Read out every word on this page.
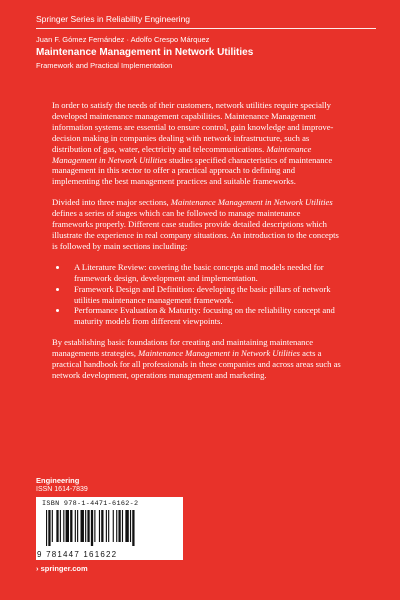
Springer Series in Reliability Engineering

Juan F. Gómez Fernández · Adolfo Crespo Márquez

Maintenance Management in Network Utilities

Framework and Practical Implementation

In order to satisfy the needs of their customers, network utilities require specially developed maintenance management capabilities. Maintenance Management information systems are essential to ensure control, gain knowledge and improve-decision making in companies dealing with network infrastructure, such as distribution of gas, water, electricity and telecommunications. Maintenance Management in Network Utilities studies specified characteristics of maintenance management in this sector to offer a practical approach to defining and implementing the best management practices and suitable frameworks.

Divided into three major sections, Maintenance Management in Network Utilities defines a series of stages which can be followed to manage maintenance frameworks properly. Different case studies provide detailed descriptions which illustrate the experience in real company situations. An introduction to the concepts is followed by main sections including:

• A Literature Review: covering the basic concepts and models needed for framework design, development and implementation.
• Framework Design and Definition: developing the basic pillars of network utilities maintenance management framework.
• Performance Evaluation & Maturity: focusing on the reliability concept and maturity models from different viewpoints.

By establishing basic foundations for creating and maintaining maintenance managements strategies, Maintenance Management in Network Utilities acts a practical handbook for all professionals in these companies and across areas such as network development, operations management and marketing.

Engineering

ISSN 1614-7839

ISBN 978-1-4471-6162-2
9 781447 161622
› springer.com
